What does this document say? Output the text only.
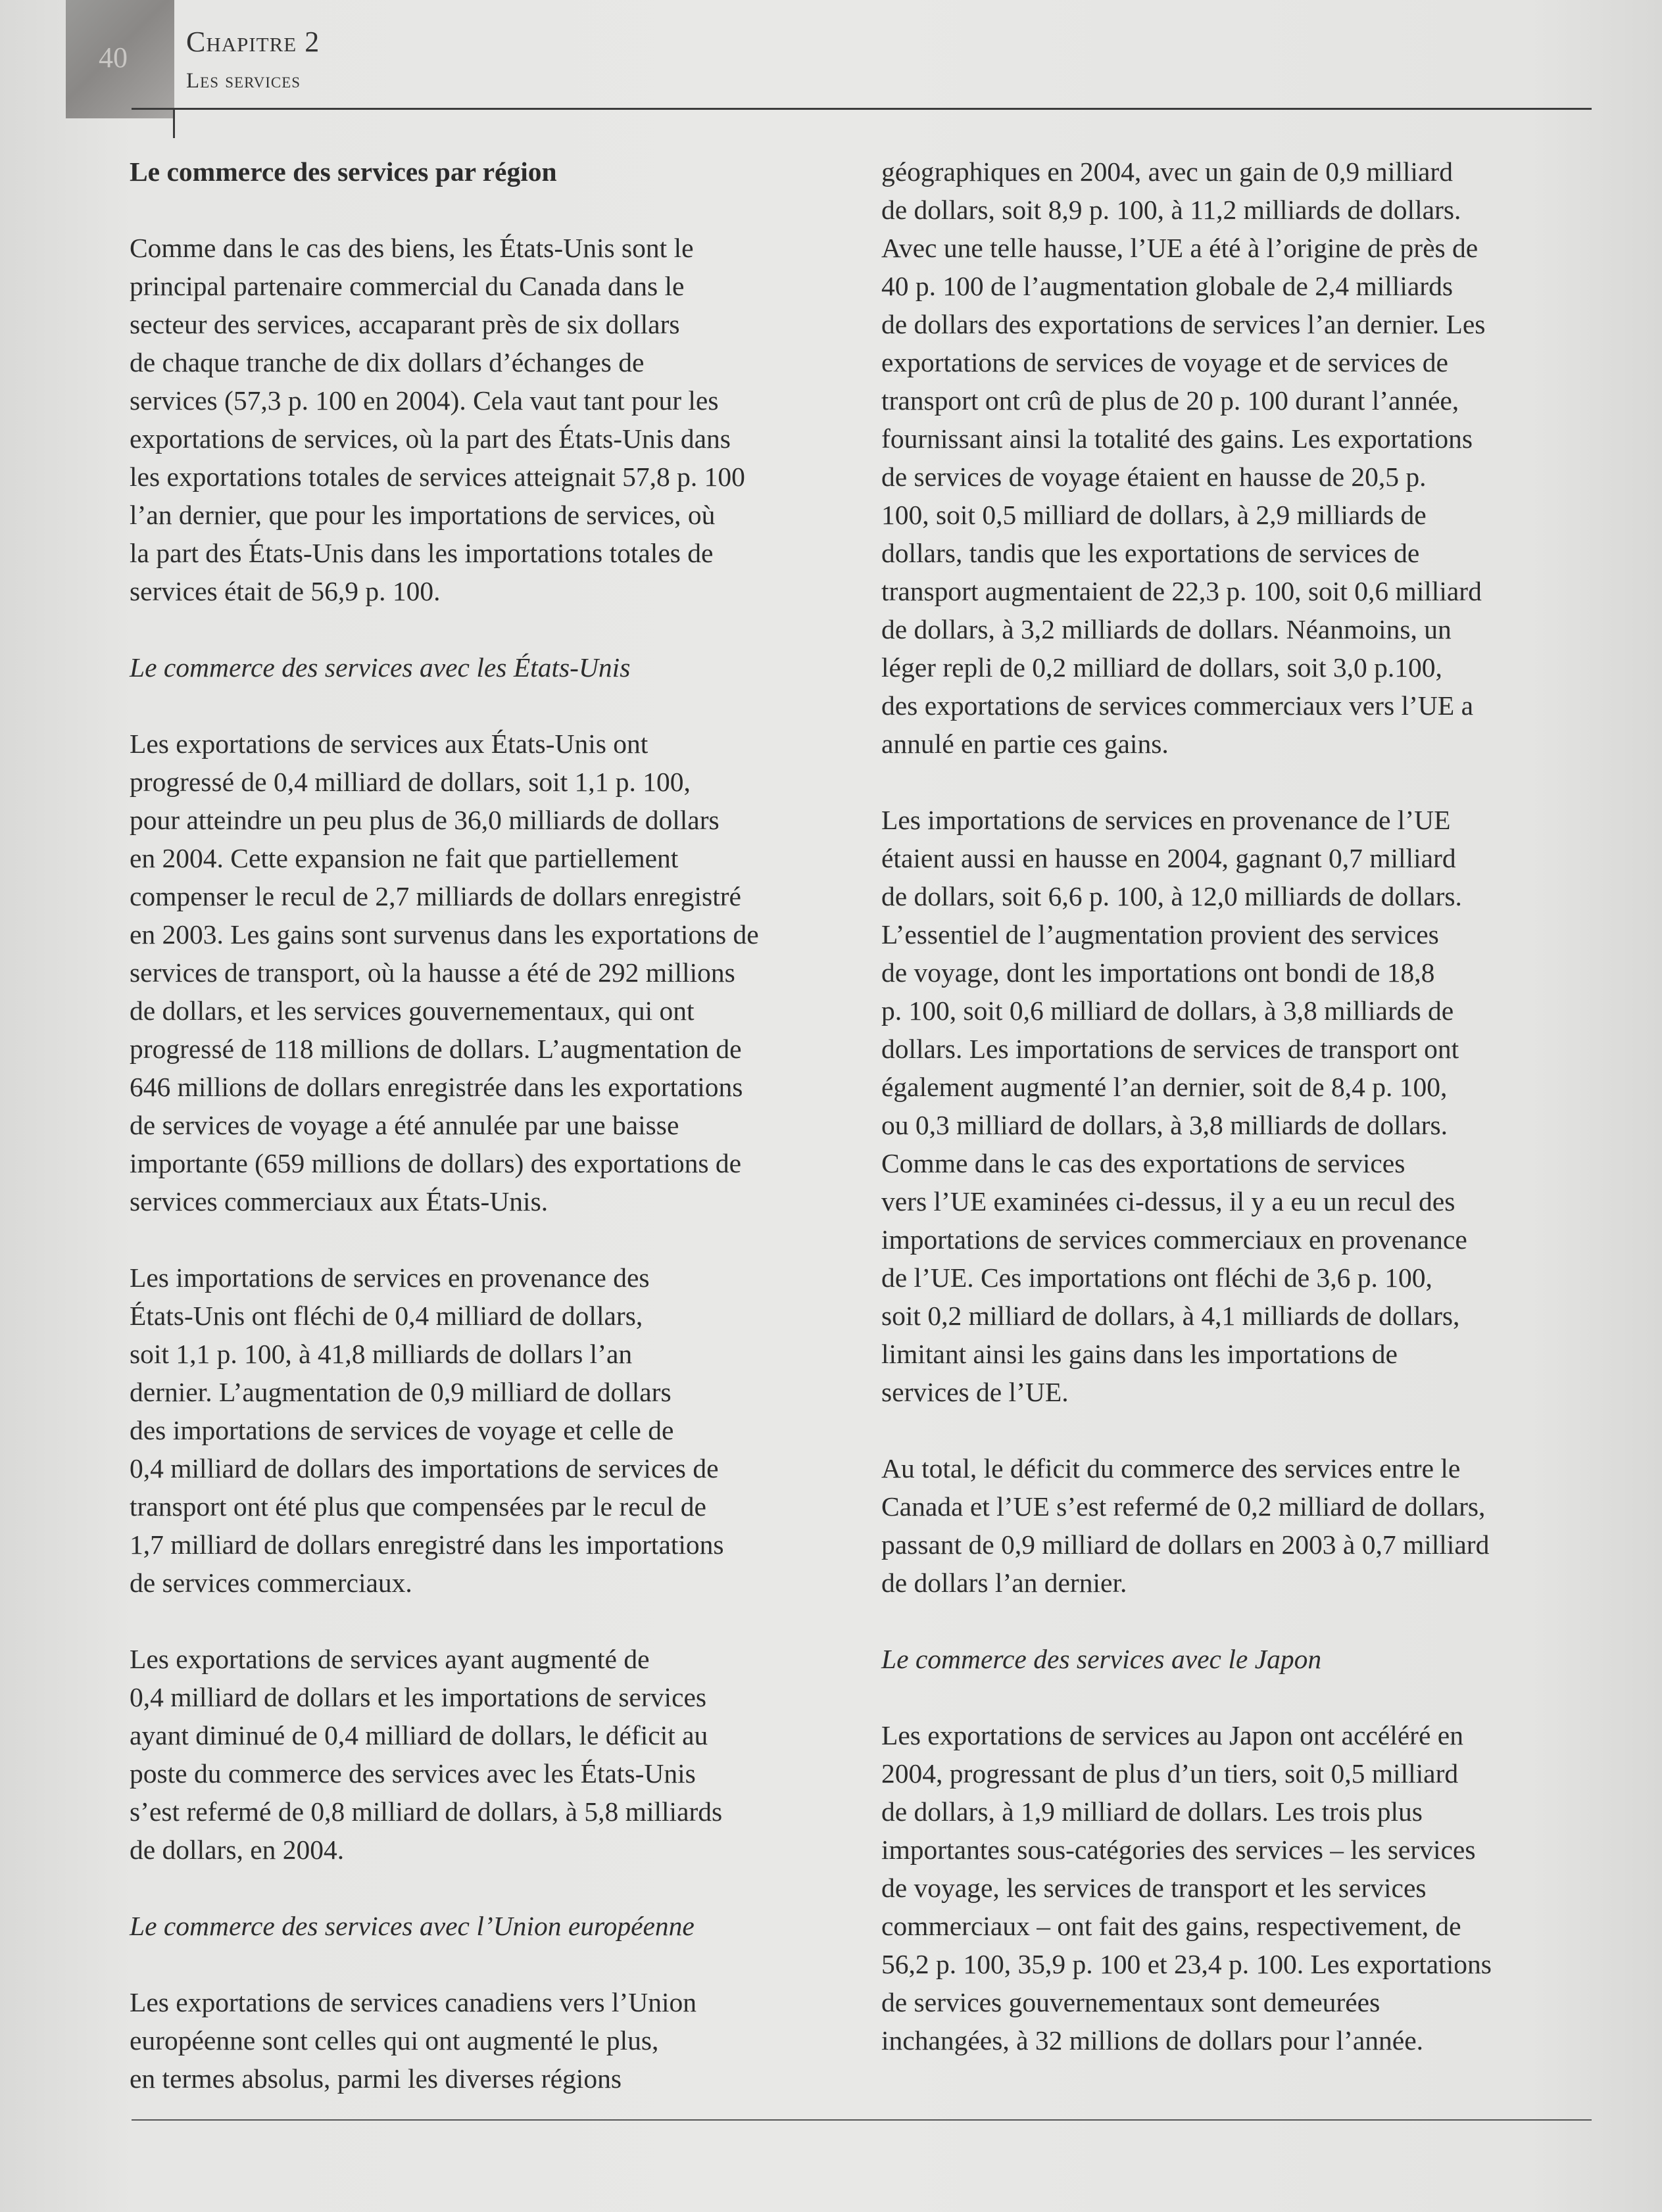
40 Chapitre 2
Les services

Le commerce des services par région

Comme dans le cas des biens, les États-Unis sont le
principal partenaire commercial du Canada dans le
secteur des services, accaparant près de six dollars
de chaque tranche de dix dollars d’échanges de
services (57,3 p. 100 en 2004). Cela vaut tant pour les
exportations de services, où la part des États-Unis dans
les exportations totales de services atteignait 57,8 p. 100
l’an dernier, que pour les importations de services, où
la part des États-Unis dans les importations totales de
services était de 56,9 p. 100.

Le commerce des services avec les États-Unis

Les exportations de services aux États-Unis ont
progressé de 0,4 milliard de dollars, soit 1,1 p. 100,
pour atteindre un peu plus de 36,0 milliards de dollars
en 2004. Cette expansion ne fait que partiellement
compenser le recul de 2,7 milliards de dollars enregistré
en 2003. Les gains sont survenus dans les exportations de
services de transport, où la hausse a été de 292 millions
de dollars, et les services gouvernementaux, qui ont
progressé de 118 millions de dollars. L’augmentation de
646 millions de dollars enregistrée dans les exportations
de services de voyage a été annulée par une baisse
importante (659 millions de dollars) des exportations de
services commerciaux aux États-Unis.

Les importations de services en provenance des
États-Unis ont fléchi de 0,4 milliard de dollars,
soit 1,1 p. 100, à 41,8 milliards de dollars l’an
dernier. L’augmentation de 0,9 milliard de dollars
des importations de services de voyage et celle de
0,4 milliard de dollars des importations de services de
transport ont été plus que compensées par le recul de
1,7 milliard de dollars enregistré dans les importations
de services commerciaux.

Les exportations de services ayant augmenté de
0,4 milliard de dollars et les importations de services
ayant diminué de 0,4 milliard de dollars, le déficit au
poste du commerce des services avec les États-Unis
s’est refermé de 0,8 milliard de dollars, à 5,8 milliards
de dollars, en 2004.

Le commerce des services avec l’Union européenne

Les exportations de services canadiens vers l’Union
européenne sont celles qui ont augmenté le plus,
en termes absolus, parmi les diverses régions

géographiques en 2004, avec un gain de 0,9 milliard
de dollars, soit 8,9 p. 100, à 11,2 milliards de dollars.
Avec une telle hausse, l’UE a été à l’origine de près de
40 p. 100 de l’augmentation globale de 2,4 milliards
de dollars des exportations de services l’an dernier. Les
exportations de services de voyage et de services de
transport ont crû de plus de 20 p. 100 durant l’année,
fournissant ainsi la totalité des gains. Les exportations
de services de voyage étaient en hausse de 20,5 p.
100, soit 0,5 milliard de dollars, à 2,9 milliards de
dollars, tandis que les exportations de services de
transport augmentaient de 22,3 p. 100, soit 0,6 milliard
de dollars, à 3,2 milliards de dollars. Néanmoins, un
léger repli de 0,2 milliard de dollars, soit 3,0 p.100,
des exportations de services commerciaux vers l’UE a
annulé en partie ces gains.

Les importations de services en provenance de l’UE
étaient aussi en hausse en 2004, gagnant 0,7 milliard
de dollars, soit 6,6 p. 100, à 12,0 milliards de dollars.
L’essentiel de l’augmentation provient des services
de voyage, dont les importations ont bondi de 18,8
p. 100, soit 0,6 milliard de dollars, à 3,8 milliards de
dollars. Les importations de services de transport ont
également augmenté l’an dernier, soit de 8,4 p. 100,
ou 0,3 milliard de dollars, à 3,8 milliards de dollars.
Comme dans le cas des exportations de services
vers l’UE examinées ci-dessus, il y a eu un recul des
importations de services commerciaux en provenance
de l’UE. Ces importations ont fléchi de 3,6 p. 100,
soit 0,2 milliard de dollars, à 4,1 milliards de dollars,
limitant ainsi les gains dans les importations de
services de l’UE.

Au total, le déficit du commerce des services entre le
Canada et l’UE s’est refermé de 0,2 milliard de dollars,
passant de 0,9 milliard de dollars en 2003 à 0,7 milliard
de dollars l’an dernier.

Le commerce des services avec le Japon

Les exportations de services au Japon ont accéléré en
2004, progressant de plus d’un tiers, soit 0,5 milliard
de dollars, à 1,9 milliard de dollars. Les trois plus
importantes sous-catégories des services – les services
de voyage, les services de transport et les services
commerciaux – ont fait des gains, respectivement, de
56,2 p. 100, 35,9 p. 100 et 23,4 p. 100. Les exportations
de services gouvernementaux sont demeurées
inchangées, à 32 millions de dollars pour l’année.
